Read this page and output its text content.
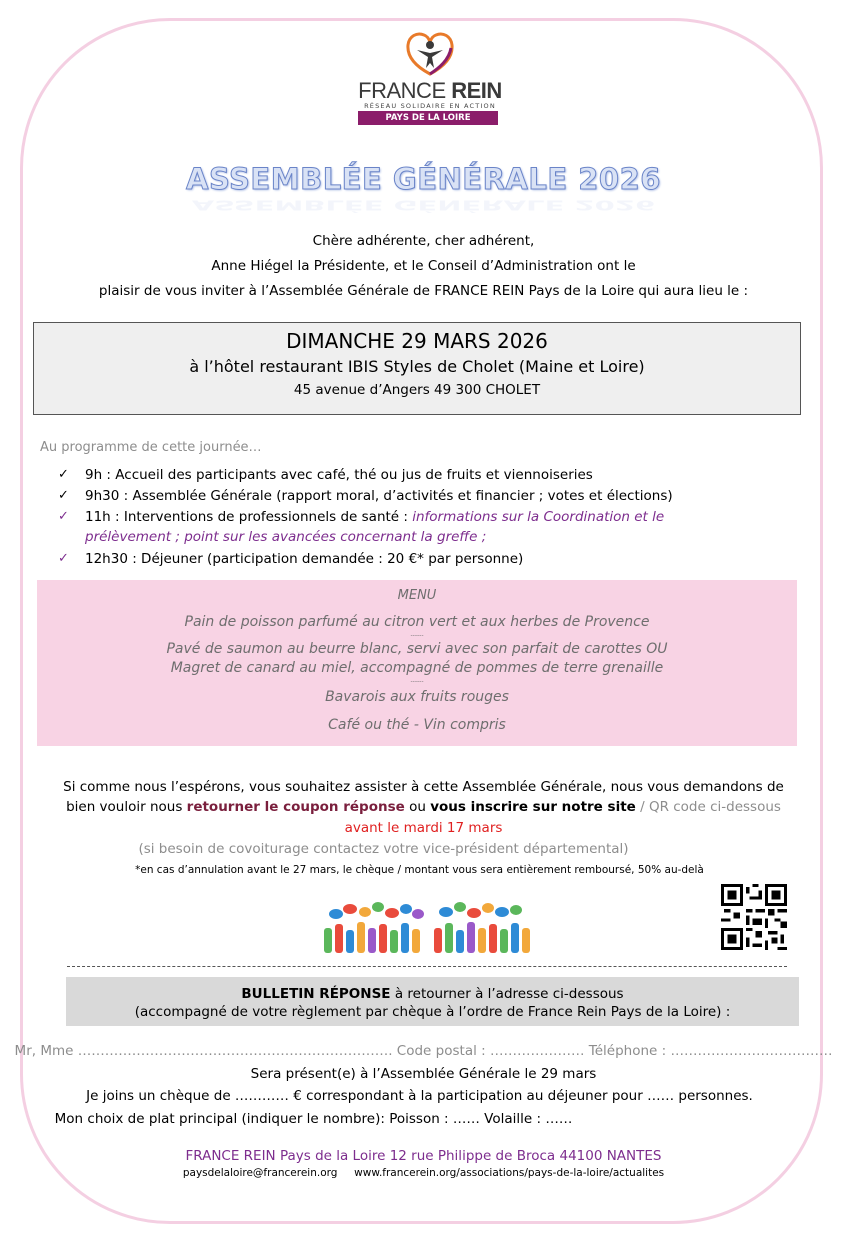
FRANCE REIN
RÉSEAU SOLIDAIRE EN ACTION
PAYS DE LA LOIRE
ASSEMBLÉE GÉNÉRALE 2026
ASSEMBLÉE GÉNÉRALE 2026
Chère adhérente, cher adhérent,
Anne Hiégel la Présidente, et le Conseil d’Administration ont le
plaisir de vous inviter à l’Assemblée Générale de FRANCE REIN Pays de la Loire qui aura lieu le :
DIMANCHE 29 MARS 2026
à l’hôtel restaurant IBIS Styles de Cholet (Maine et Loire)
45 avenue d’Angers 49 300 CHOLET
Au programme de cette journée…
✓ 9h : Accueil des participants avec café, thé ou jus de fruits et viennoiseries
✓ 9h30 : Assemblée Générale (rapport moral, d’activités et financier ; votes et élections)
✓ 11h : Interventions de professionnels de santé : informations sur la Coordination et le
prélèvement ; point sur les avancées concernant la greffe ;
✓ 12h30 : Déjeuner (participation demandée : 20 €* par personne)
MENU
Pain de poisson parfumé au citron vert et aux herbes de Provence
------
Pavé de saumon au beurre blanc, servi avec son parfait de carottes OU
Magret de canard au miel, accompagné de pommes de terre grenaille
------
Bavarois aux fruits rouges
Café ou thé - Vin compris
Si comme nous l’espérons, vous souhaitez assister à cette Assemblée Générale, nous vous demandons de
bien vouloir nous retourner le coupon réponse ou vous inscrire sur notre site / QR code ci-dessous
avant le mardi 17 mars
(si besoin de covoiturage contactez votre vice-président départemental)
*en cas d’annulation avant le 27 mars, le chèque / montant vous sera entièrement remboursé, 50% au-delà
BULLETIN RÉPONSE à retourner à l’adresse ci-dessous
(accompagné de votre règlement par chèque à l’ordre de France Rein Pays de la Loire) :
Mr, Mme ……………………………………………………………. Code postal : ………………… Téléphone : ………………………………
Sera présent(e) à l’Assemblée Générale le 29 mars
Je joins un chèque de ………… € correspondant à la participation au déjeuner pour …… personnes.
Mon choix de plat principal (indiquer le nombre): Poisson : …… Volaille : ……
FRANCE REIN Pays de la Loire 12 rue Philippe de Broca 44100 NANTES
paysdelaloire@francerein.org www.francerein.org/associations/pays-de-la-loire/actualites
